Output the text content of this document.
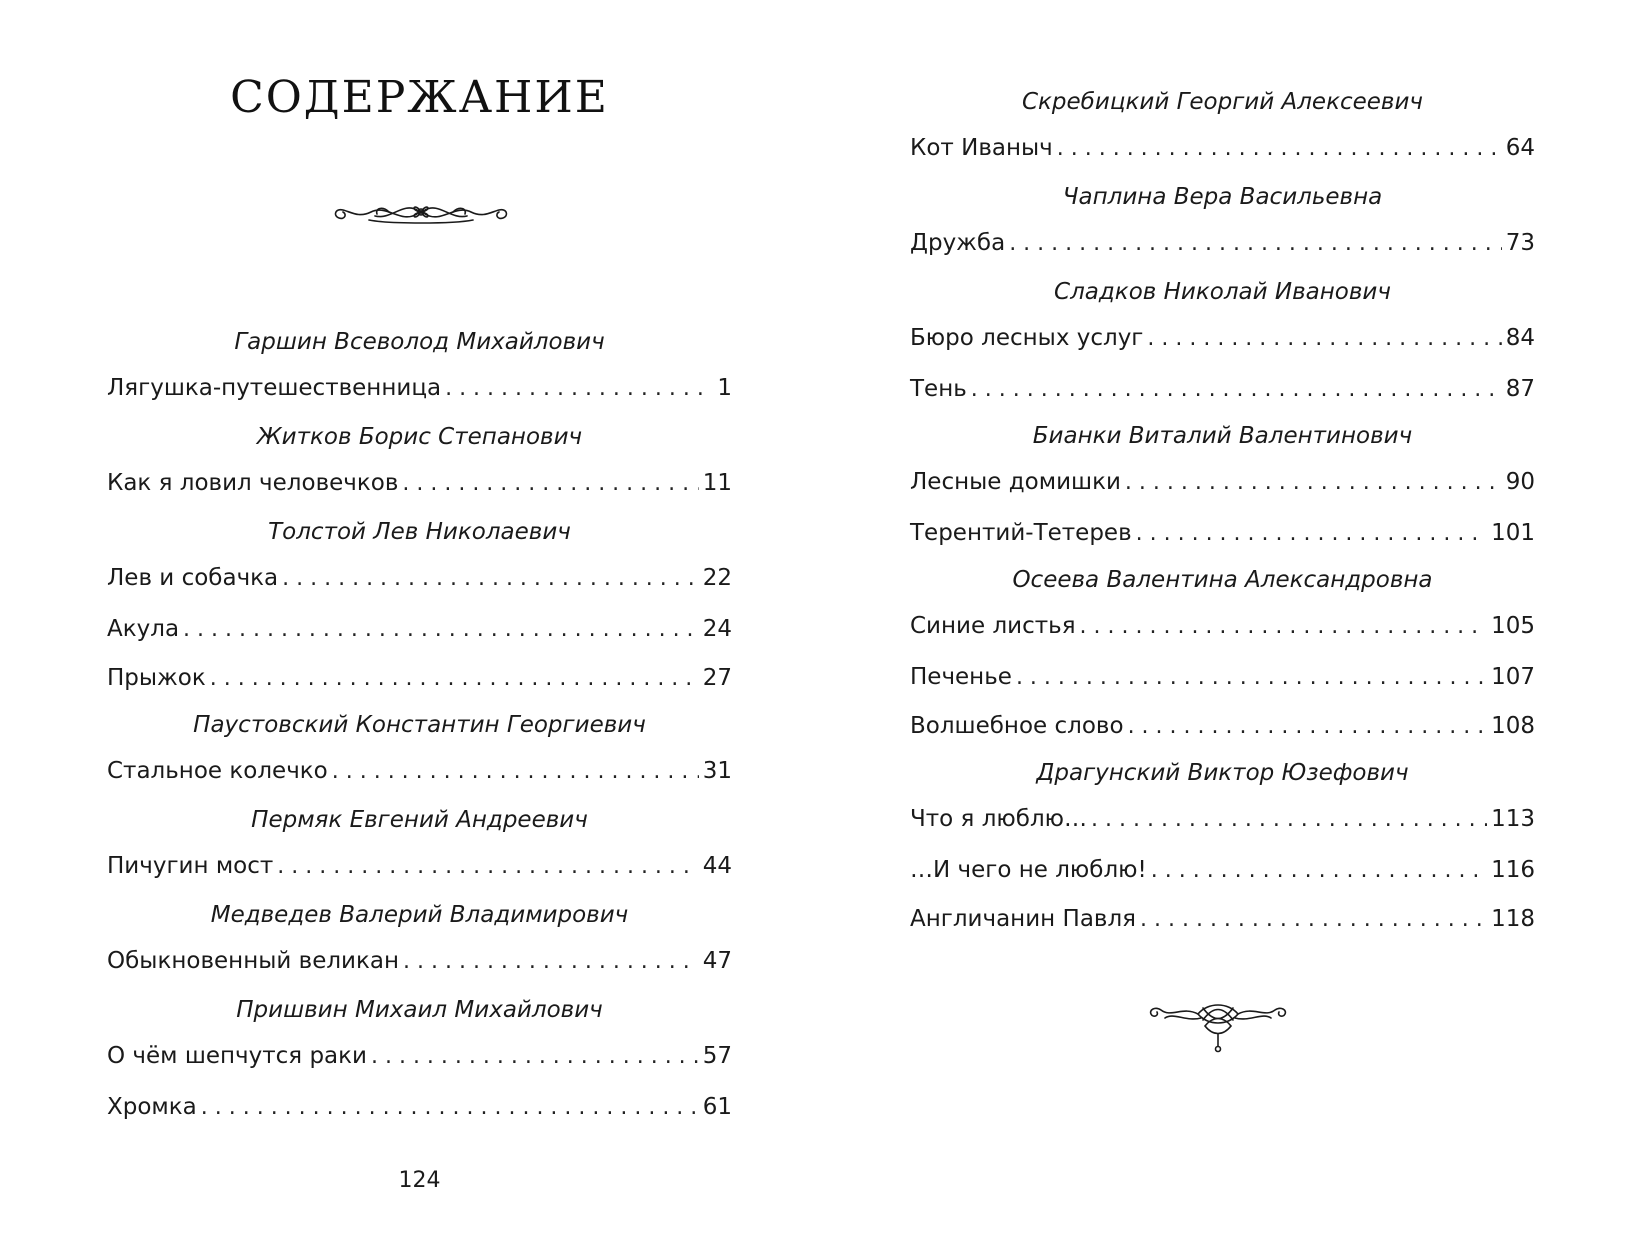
СОДЕРЖАНИЕ
Гаршин Всеволод Михайлович
Лягушка-путешественница . . .	1
Житков Борис Степанович
Как я ловил человечков . . .	11
Толстой Лев Николаевич
Лев и собачка . . .	22
Акула . . .	24
Прыжок . . .	27
Паустовский Константин Георгиевич
Стальное колечко . . .	31
Пермяк Евгений Андреевич
Пичугин мост . . .	44
Медведев Валерий Владимирович
Обыкновенный великан . . .	47
Пришвин Михаил Михайлович
О чём шепчутся раки . . .	57
Хромка . . .	61
124
Скребицкий Георгий Алексеевич
Кот Иваныч . . .	64
Чаплина Вера Васильевна
Дружба . . .	73
Сладков Николай Иванович
Бюро лесных услуг . . .	84
Тень . . .	87
Бианки Виталий Валентинович
Лесные домишки . . .	90
Терентий-Тетерев . . .	101
Осеева Валентина Александровна
Синие листья . . .	105
Печенье . . .	107
Волшебное слово . . .	108
Драгунский Виктор Юзефович
Что я люблю… . . .	113
…И чего не люблю! . . .	116
Англичанин Павля . . .	118
